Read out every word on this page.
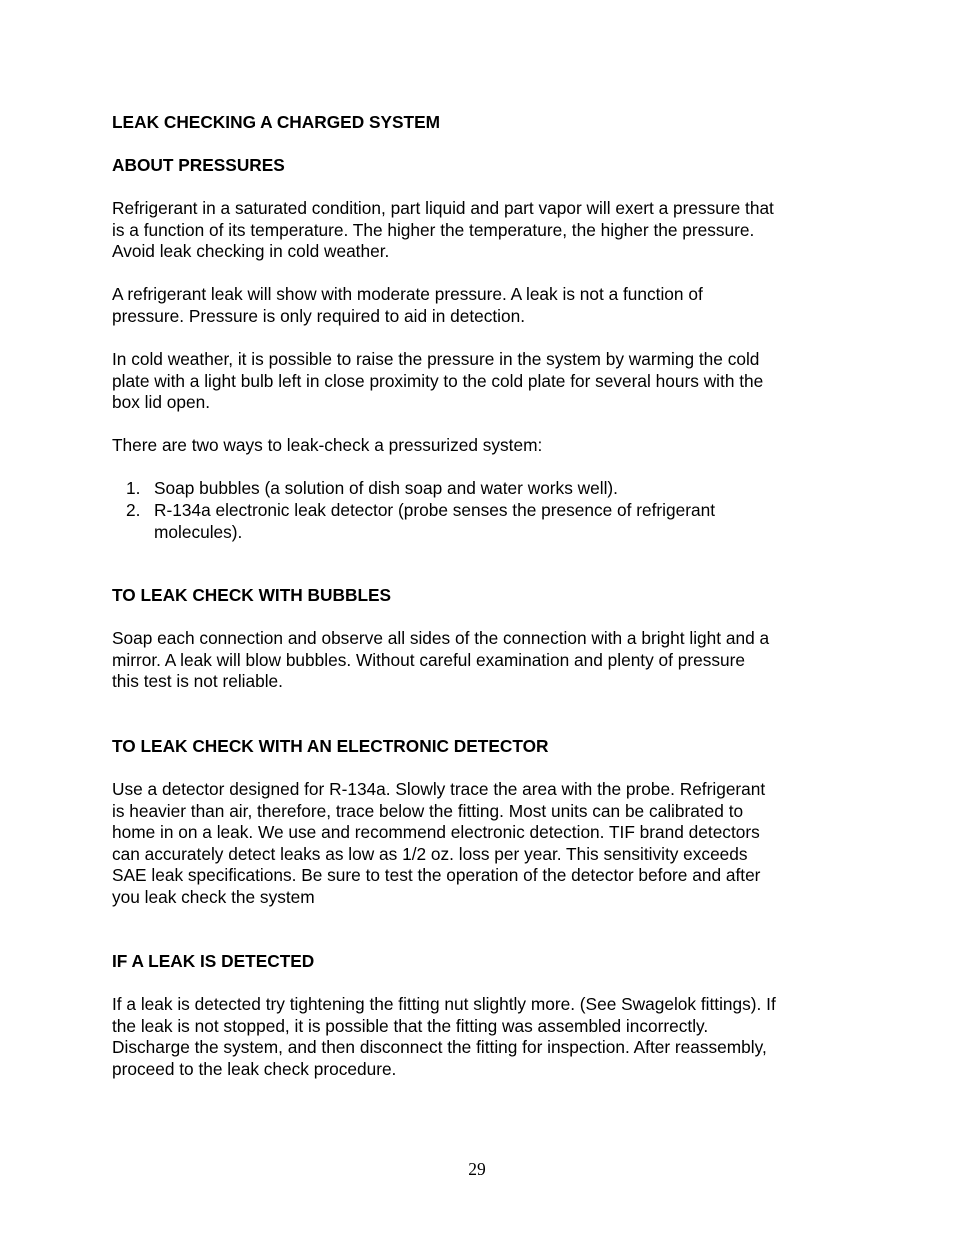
LEAK CHECKING A CHARGED SYSTEM
ABOUT PRESSURES
Refrigerant in a saturated condition, part liquid and part vapor will exert a pressure that
is a function of its temperature. The higher the temperature, the higher the pressure.
Avoid leak checking in cold weather.
A refrigerant leak will show with moderate pressure. A leak is not a function of
pressure. Pressure is only required to aid in detection.
In cold weather, it is possible to raise the pressure in the system by warming the cold
plate with a light bulb left in close proximity to the cold plate for several hours with the
box lid open.
There are two ways to leak-check a pressurized system:
1. Soap bubbles (a solution of dish soap and water works well).
2. R-134a electronic leak detector (probe senses the presence of refrigerant
molecules).
TO LEAK CHECK WITH BUBBLES
Soap each connection and observe all sides of the connection with a bright light and a
mirror. A leak will blow bubbles. Without careful examination and plenty of pressure
this test is not reliable.
TO LEAK CHECK WITH AN ELECTRONIC DETECTOR
Use a detector designed for R-134a. Slowly trace the area with the probe. Refrigerant
is heavier than air, therefore, trace below the fitting. Most units can be calibrated to
home in on a leak. We use and recommend electronic detection. TIF brand detectors
can accurately detect leaks as low as 1/2 oz. loss per year. This sensitivity exceeds
SAE leak specifications. Be sure to test the operation of the detector before and after
you leak check the system
IF A LEAK IS DETECTED
If a leak is detected try tightening the fitting nut slightly more. (See Swagelok fittings). If
the leak is not stopped, it is possible that the fitting was assembled incorrectly.
Discharge the system, and then disconnect the fitting for inspection. After reassembly,
proceed to the leak check procedure.
29
